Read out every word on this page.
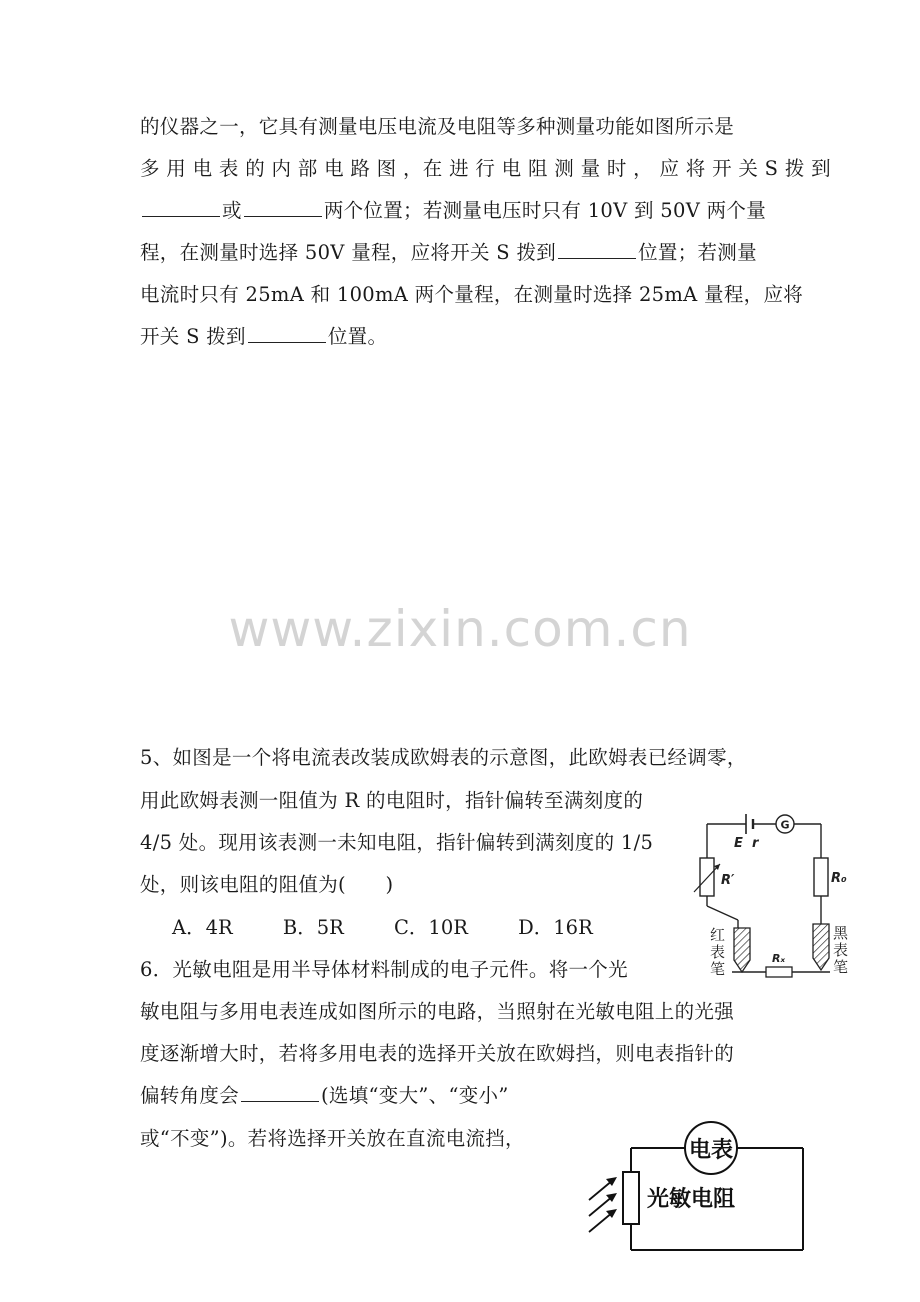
的仪器之一，它具有测量电压电流及电阻等多种测量功能如图所示是
多 用 电 表 的 内 部 电 路 图 ，在 进 行 电 阻 测 量 时 ， 应 将 开 关 S 拨 到
或	两个位置；若测量电压时只有 10V 到 50V 两个量
程，在测量时选择 50V 量程，应将开关 S 拨到	位置；若测量
电流时只有 25mA 和 100mA 两个量程，在测量时选择 25mA 量程，应将
开关 S 拨到	位置。
www.zixin.com.cn
5、如图是一个将电流表改装成欧姆表的示意图，此欧姆表已经调零，
用此欧姆表测一阻值为 R 的电阻时，指针偏转至满刻度的
4/5 处。现用该表测一未知电阻，指针偏转到满刻度的 1/5
处，则该电阻的阻值为(　　)
A．4R	B．5R	C．10R	D．16R
G
E r
R′	R₀
Rₓ
红
表
笔
黑
表
笔
6．光敏电阻是用半导体材料制成的电子元件。将一个光
敏电阻与多用电表连成如图所示的电路，当照射在光敏电阻上的光强
度逐渐增大时，若将多用电表的选择开关放在欧姆挡，则电表指针的
偏转角度会	(选填“变大”、“变小”
或“不变”)。若将选择开关放在直流电流挡，	电表
光敏电阻
